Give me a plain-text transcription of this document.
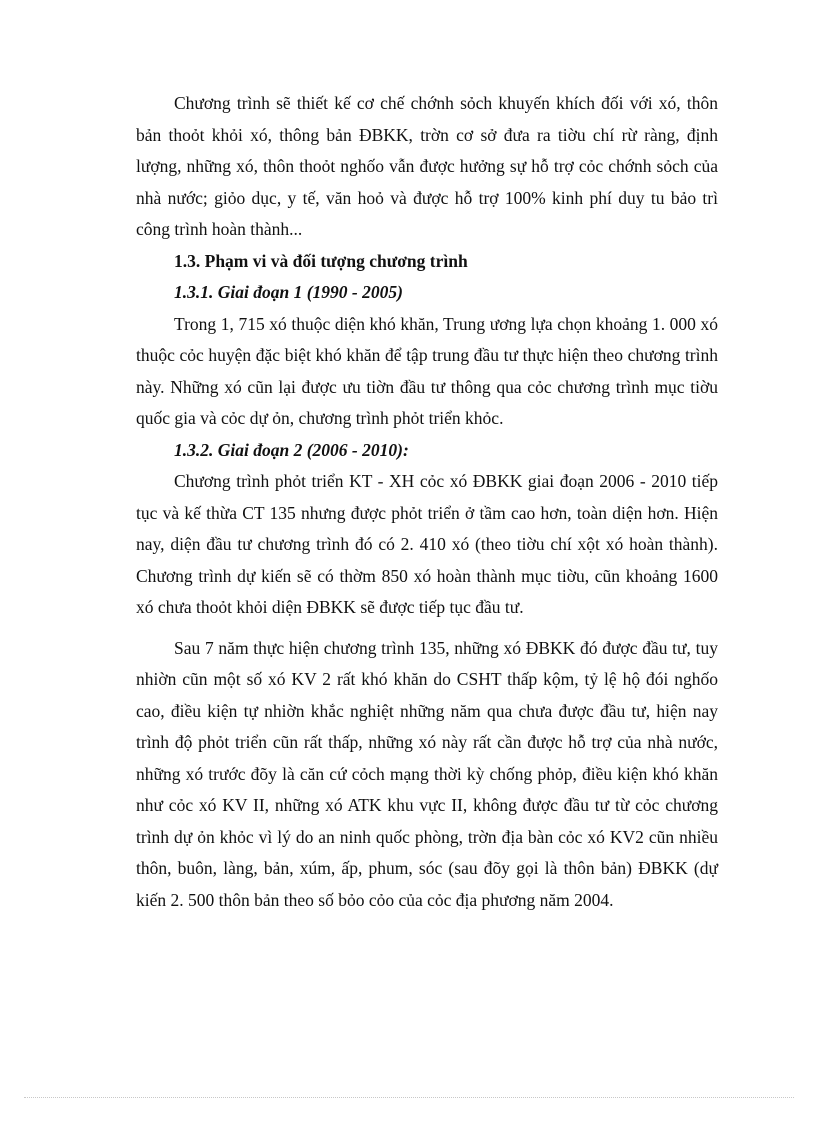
Chương trình sẽ thiết kế cơ chế chớnh sỏch khuyến khích đối với xó, thôn bản thoỏt khỏi xó, thông bản ĐBKK, trờn cơ sở đưa ra tiờu chí rừ ràng, định lượng, những xó, thôn thoỏt nghốo vẫn được hưởng sự hỗ trợ cỏc chớnh sỏch của nhà nước; giỏo dục, y tế, văn hoỏ và được hỗ trợ 100% kinh phí duy tu bảo trì công trình hoàn thành...

1.3. Phạm vi và đối tượng chương trình

1.3.1. Giai đoạn 1 (1990 - 2005)

Trong 1, 715 xó thuộc diện khó khăn, Trung ương lựa chọn khoảng 1. 000 xó thuộc cỏc huyện đặc biệt khó khăn để tập trung đầu tư thực hiện theo chương trình này. Những xó cũn lại được ưu tiờn đầu tư thông qua cỏc chương trình mục tiờu quốc gia và cỏc dự ỏn, chương trình phỏt triển khỏc.

1.3.2. Giai đoạn 2 (2006 - 2010):

Chương trình phỏt triển KT - XH cỏc xó ĐBKK giai đoạn 2006 - 2010 tiếp tục và kế thừa CT 135 nhưng được phỏt triển ở tầm cao hơn, toàn diện hơn. Hiện nay, diện đầu tư chương trình đó có 2. 410 xó (theo tiờu chí xột xó hoàn thành). Chương trình dự kiến sẽ có thờm 850 xó hoàn thành mục tiờu, cũn khoảng 1600 xó chưa thoỏt khỏi diện ĐBKK sẽ được tiếp tục đầu tư.

Sau 7 năm thực hiện chương trình 135, những xó ĐBKK đó được đầu tư, tuy nhiờn cũn một số xó KV 2 rất khó khăn do CSHT thấp kộm, tỷ lệ hộ đói nghốo cao, điều kiện tự nhiờn khắc nghiệt những năm qua chưa được đầu tư, hiện nay trình độ phỏt triển cũn rất thấp, những xó này rất cần được hỗ trợ của nhà nước, những xó trước đõy là căn cứ cỏch mạng thời kỳ chống phỏp, điều kiện khó khăn như cỏc xó KV II, những xó ATK khu vực II, không được đầu tư từ cỏc chương trình dự ỏn khỏc vì lý do an ninh quốc phòng, trờn địa bàn cỏc xó KV2 cũn nhiều thôn, buôn, làng, bản, xúm, ấp, phum, sóc (sau đõy gọi là thôn bản) ĐBKK (dự kiến 2. 500 thôn bản theo số bỏo cỏo của cỏc địa phương năm 2004.
